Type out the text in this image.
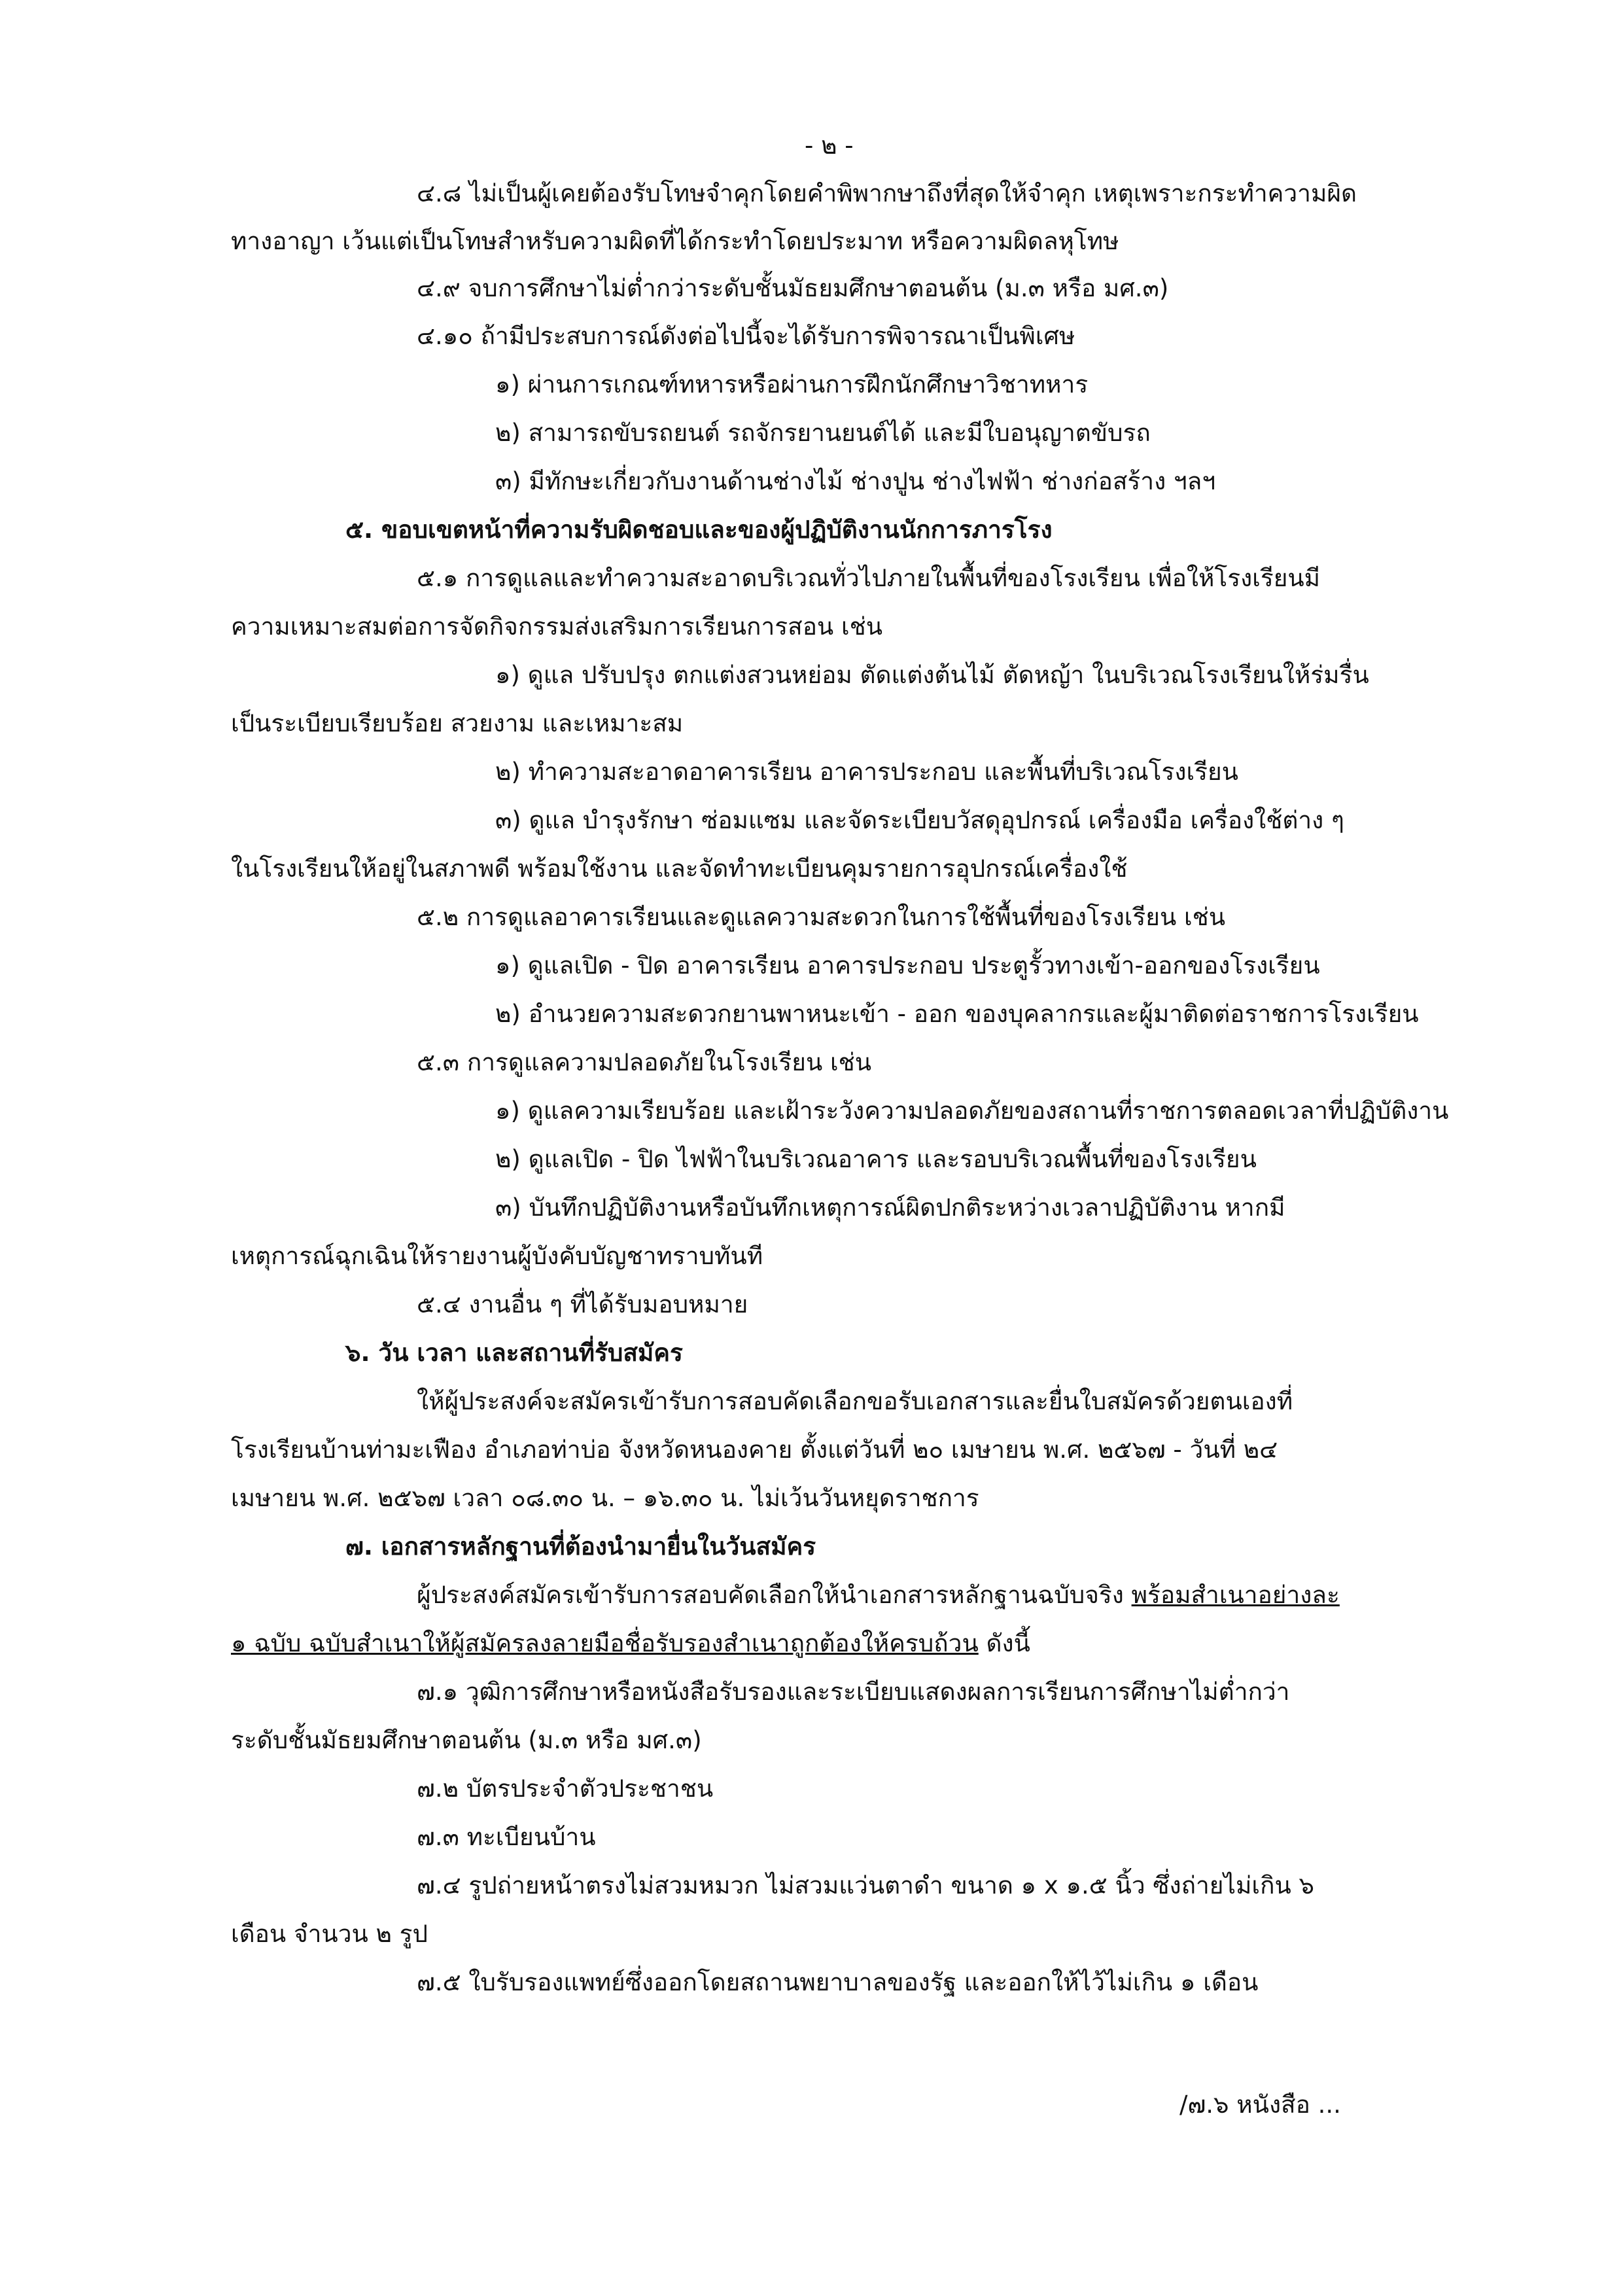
- ๒ -
๔.๘ ไม่เป็นผู้เคยต้องรับโทษจำคุกโดยคำพิพากษาถึงที่สุดให้จำคุก เหตุเพราะกระทำความผิด
ทางอาญา เว้นแต่เป็นโทษสำหรับความผิดที่ได้กระทำโดยประมาท หรือความผิดลหุโทษ
๔.๙ จบการศึกษาไม่ต่ำกว่าระดับชั้นมัธยมศึกษาตอนต้น (ม.๓ หรือ มศ.๓)
๔.๑๐ ถ้ามีประสบการณ์ดังต่อไปนี้จะได้รับการพิจารณาเป็นพิเศษ
๑) ผ่านการเกณฑ์ทหารหรือผ่านการฝึกนักศึกษาวิชาทหาร
๒) สามารถขับรถยนต์ รถจักรยานยนต์ได้ และมีใบอนุญาตขับรถ
๓) มีทักษะเกี่ยวกับงานด้านช่างไม้ ช่างปูน ช่างไฟฟ้า ช่างก่อสร้าง ฯลฯ
๕. ขอบเขตหน้าที่ความรับผิดชอบและของผู้ปฏิบัติงานนักการภารโรง
๕.๑ การดูแลและทำความสะอาดบริเวณทั่วไปภายในพื้นที่ของโรงเรียน เพื่อให้โรงเรียนมี
ความเหมาะสมต่อการจัดกิจกรรมส่งเสริมการเรียนการสอน เช่น
๑) ดูแล ปรับปรุง ตกแต่งสวนหย่อม ตัดแต่งต้นไม้ ตัดหญ้า ในบริเวณโรงเรียนให้ร่มรื่น
เป็นระเบียบเรียบร้อย สวยงาม และเหมาะสม
๒) ทำความสะอาดอาคารเรียน อาคารประกอบ และพื้นที่บริเวณโรงเรียน
๓) ดูแล บำรุงรักษา ซ่อมแซม และจัดระเบียบวัสดุอุปกรณ์ เครื่องมือ เครื่องใช้ต่าง ๆ
ในโรงเรียนให้อยู่ในสภาพดี พร้อมใช้งาน และจัดทำทะเบียนคุมรายการอุปกรณ์เครื่องใช้
๕.๒ การดูแลอาคารเรียนและดูแลความสะดวกในการใช้พื้นที่ของโรงเรียน เช่น
๑) ดูแลเปิด - ปิด อาคารเรียน อาคารประกอบ ประตูรั้วทางเข้า-ออกของโรงเรียน
๒) อำนวยความสะดวกยานพาหนะเข้า - ออก ของบุคลากรและผู้มาติดต่อราชการโรงเรียน
๕.๓ การดูแลความปลอดภัยในโรงเรียน เช่น
๑) ดูแลความเรียบร้อย และเฝ้าระวังความปลอดภัยของสถานที่ราชการตลอดเวลาที่ปฏิบัติงาน
๒) ดูแลเปิด - ปิด ไฟฟ้าในบริเวณอาคาร และรอบบริเวณพื้นที่ของโรงเรียน
๓) บันทึกปฏิบัติงานหรือบันทึกเหตุการณ์ผิดปกติระหว่างเวลาปฏิบัติงาน หากมี
เหตุการณ์ฉุกเฉินให้รายงานผู้บังคับบัญชาทราบทันที
๕.๔ งานอื่น ๆ ที่ได้รับมอบหมาย
๖. วัน เวลา และสถานที่รับสมัคร
ให้ผู้ประสงค์จะสมัครเข้ารับการสอบคัดเลือกขอรับเอกสารและยื่นใบสมัครด้วยตนเองที่
โรงเรียนบ้านท่ามะเฟือง อำเภอท่าบ่อ จังหวัดหนองคาย ตั้งแต่วันที่ ๒๐ เมษายน พ.ศ. ๒๕๖๗ - วันที่ ๒๔
เมษายน พ.ศ. ๒๕๖๗ เวลา ๐๘.๓๐ น. – ๑๖.๓๐ น. ไม่เว้นวันหยุดราชการ
๗. เอกสารหลักฐานที่ต้องนำมายื่นในวันสมัคร
ผู้ประสงค์สมัครเข้ารับการสอบคัดเลือกให้นำเอกสารหลักฐานฉบับจริง พร้อมสำเนาอย่างละ
๑ ฉบับ ฉบับสำเนาให้ผู้สมัครลงลายมือชื่อรับรองสำเนาถูกต้องให้ครบถ้วน ดังนี้
๗.๑ วุฒิการศึกษาหรือหนังสือรับรองและระเบียบแสดงผลการเรียนการศึกษาไม่ต่ำกว่า
ระดับชั้นมัธยมศึกษาตอนต้น (ม.๓ หรือ มศ.๓)
๗.๒ บัตรประจำตัวประชาชน
๗.๓ ทะเบียนบ้าน
๗.๔ รูปถ่ายหน้าตรงไม่สวมหมวก ไม่สวมแว่นตาดำ ขนาด ๑ x ๑.๕ นิ้ว ซึ่งถ่ายไม่เกิน ๖
เดือน จำนวน ๒ รูป
๗.๕ ใบรับรองแพทย์ซึ่งออกโดยสถานพยาบาลของรัฐ และออกให้ไว้ไม่เกิน ๑ เดือน
/๗.๖ หนังสือ ...
